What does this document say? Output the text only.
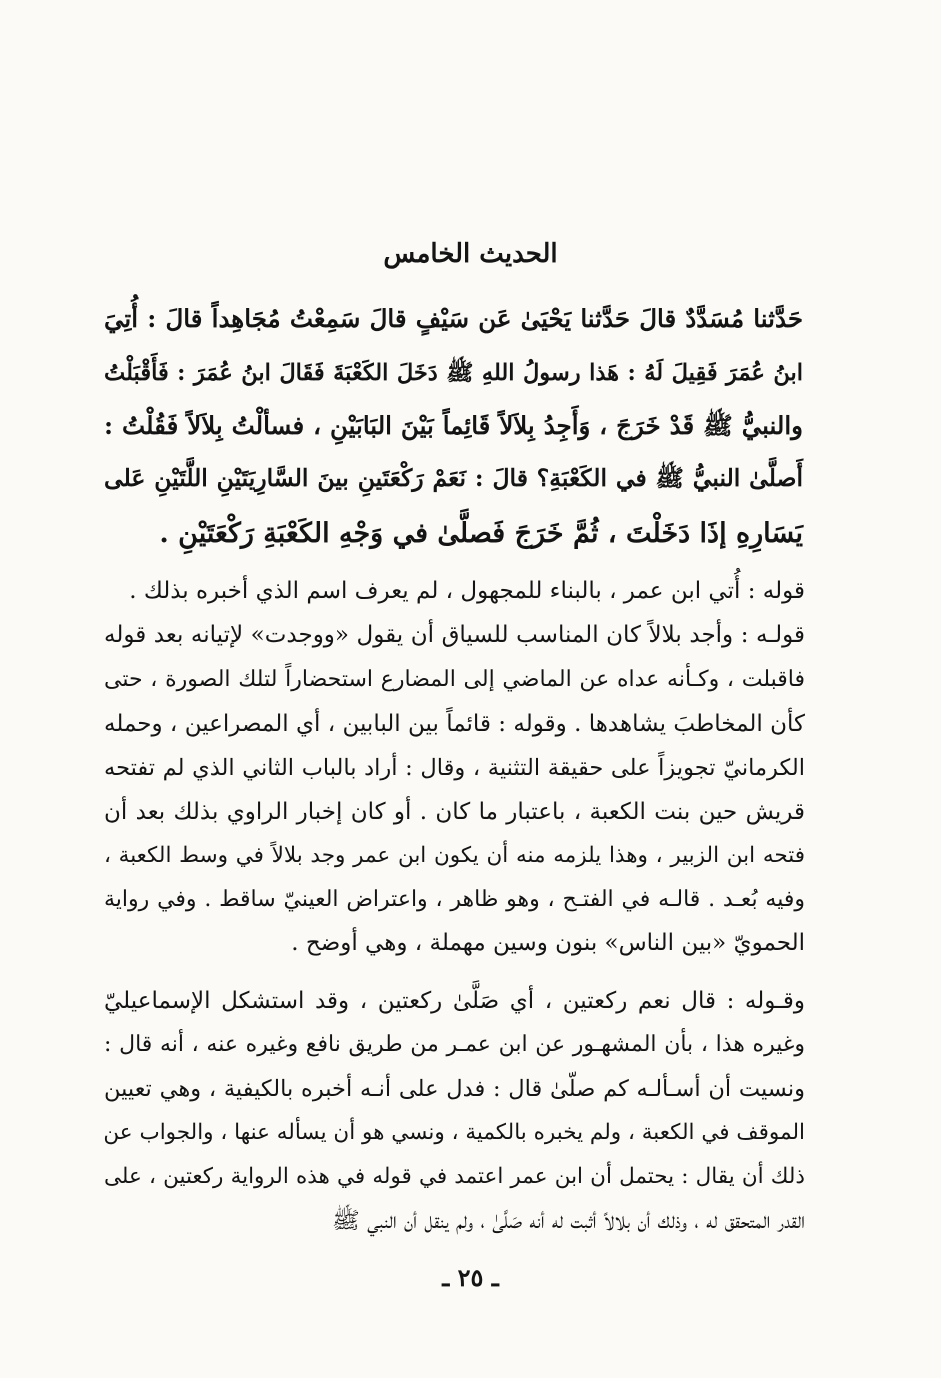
الحديث الخامس
حَدَّثنا مُسَدَّدٌ قالَ حَدَّثنا يَحْيَىٰ عَن سَيْفٍ قالَ سَمِعْتُ مُجَاهِداً قالَ : أُتِيَ
ابنُ عُمَرَ فَقِيلَ لَهُ : هَذا رسولُ اللهِ ﷺ دَخَلَ الكَعْبَةَ فَقَالَ ابنُ عُمَرَ : فَأَقْبَلْتُ
والنبيُّ ﷺ قَدْ خَرَجَ ، وَأَجِدُ بِلاَلاً قَائِماً بَيْنَ البَابَيْنِ ، فسألْتُ بِلاَلاً فَقُلْتُ :
أَصلَّىٰ النبيُّ ﷺ في الكَعْبَةِ؟ قالَ : نَعَمْ رَكْعَتَينِ بينَ السَّارِيَتَيْنِ اللَّتَيْنِ عَلى
يَسَارِهِ إذَا دَخَلْتَ ، ثُمَّ خَرَجَ فَصلَّىٰ في وَجْهِ الكَعْبَةِ رَكْعَتَيْنِ .
قوله : أُتي ابن عمر ، بالبناء للمجهول ، لم يعرف اسم الذي أخبره بذلك .
قولـه : وأجد بلالاً كان المناسب للسياق أن يقول «ووجدت» لإتيانه بعد قوله
فاقبلت ، وكـأنه عداه عن الماضي إلى المضارع استحضاراً لتلك الصورة ، حتى
كأن المخاطبَ يشاهدها . وقوله : قائماً بين البابين ، أي المصراعين ، وحمله
الكرمانيّ تجويزاً على حقيقة التثنية ، وقال : أراد بالباب الثاني الذي لم تفتحه
قريش حين بنت الكعبة ، باعتبار ما كان . أو كان إخبار الراوي بذلك بعد أن
فتحه ابن الزبير ، وهذا يلزمه منه أن يكون ابن عمر وجد بلالاً في وسط الكعبة ،
وفيه بُعـد . قالـه في الفتـح ، وهو ظاهر ، واعتراض العينيّ ساقط . وفي رواية
الحمويّ «بين الناس» بنون وسين مهملة ، وهي أوضح .
وقـوله : قال نعم ركعتين ، أي صَلَّىٰ ركعتين ، وقد استشكل الإسماعيليّ
وغيره هذا ، بأن المشهـور عن ابن عمـر من طريق نافع وغيره عنه ، أنه قال :
ونسيت أن أسـألـه كم صلّىٰ قال : فدل على أنـه أخبره بالكيفية ، وهي تعيين
الموقف في الكعبة ، ولم يخبره بالكمية ، ونسي هو أن يسأله عنها ، والجواب عن
ذلك أن يقال : يحتمل أن ابن عمر اعتمد في قوله في هذه الرواية ركعتين ، على
القدر المتحقق له ، وذلك أن بلالاً أثبت له أنه صَلَّىٰ ، ولم ينقل أن النبي ﷺ
ـ ٢٥ ـ
